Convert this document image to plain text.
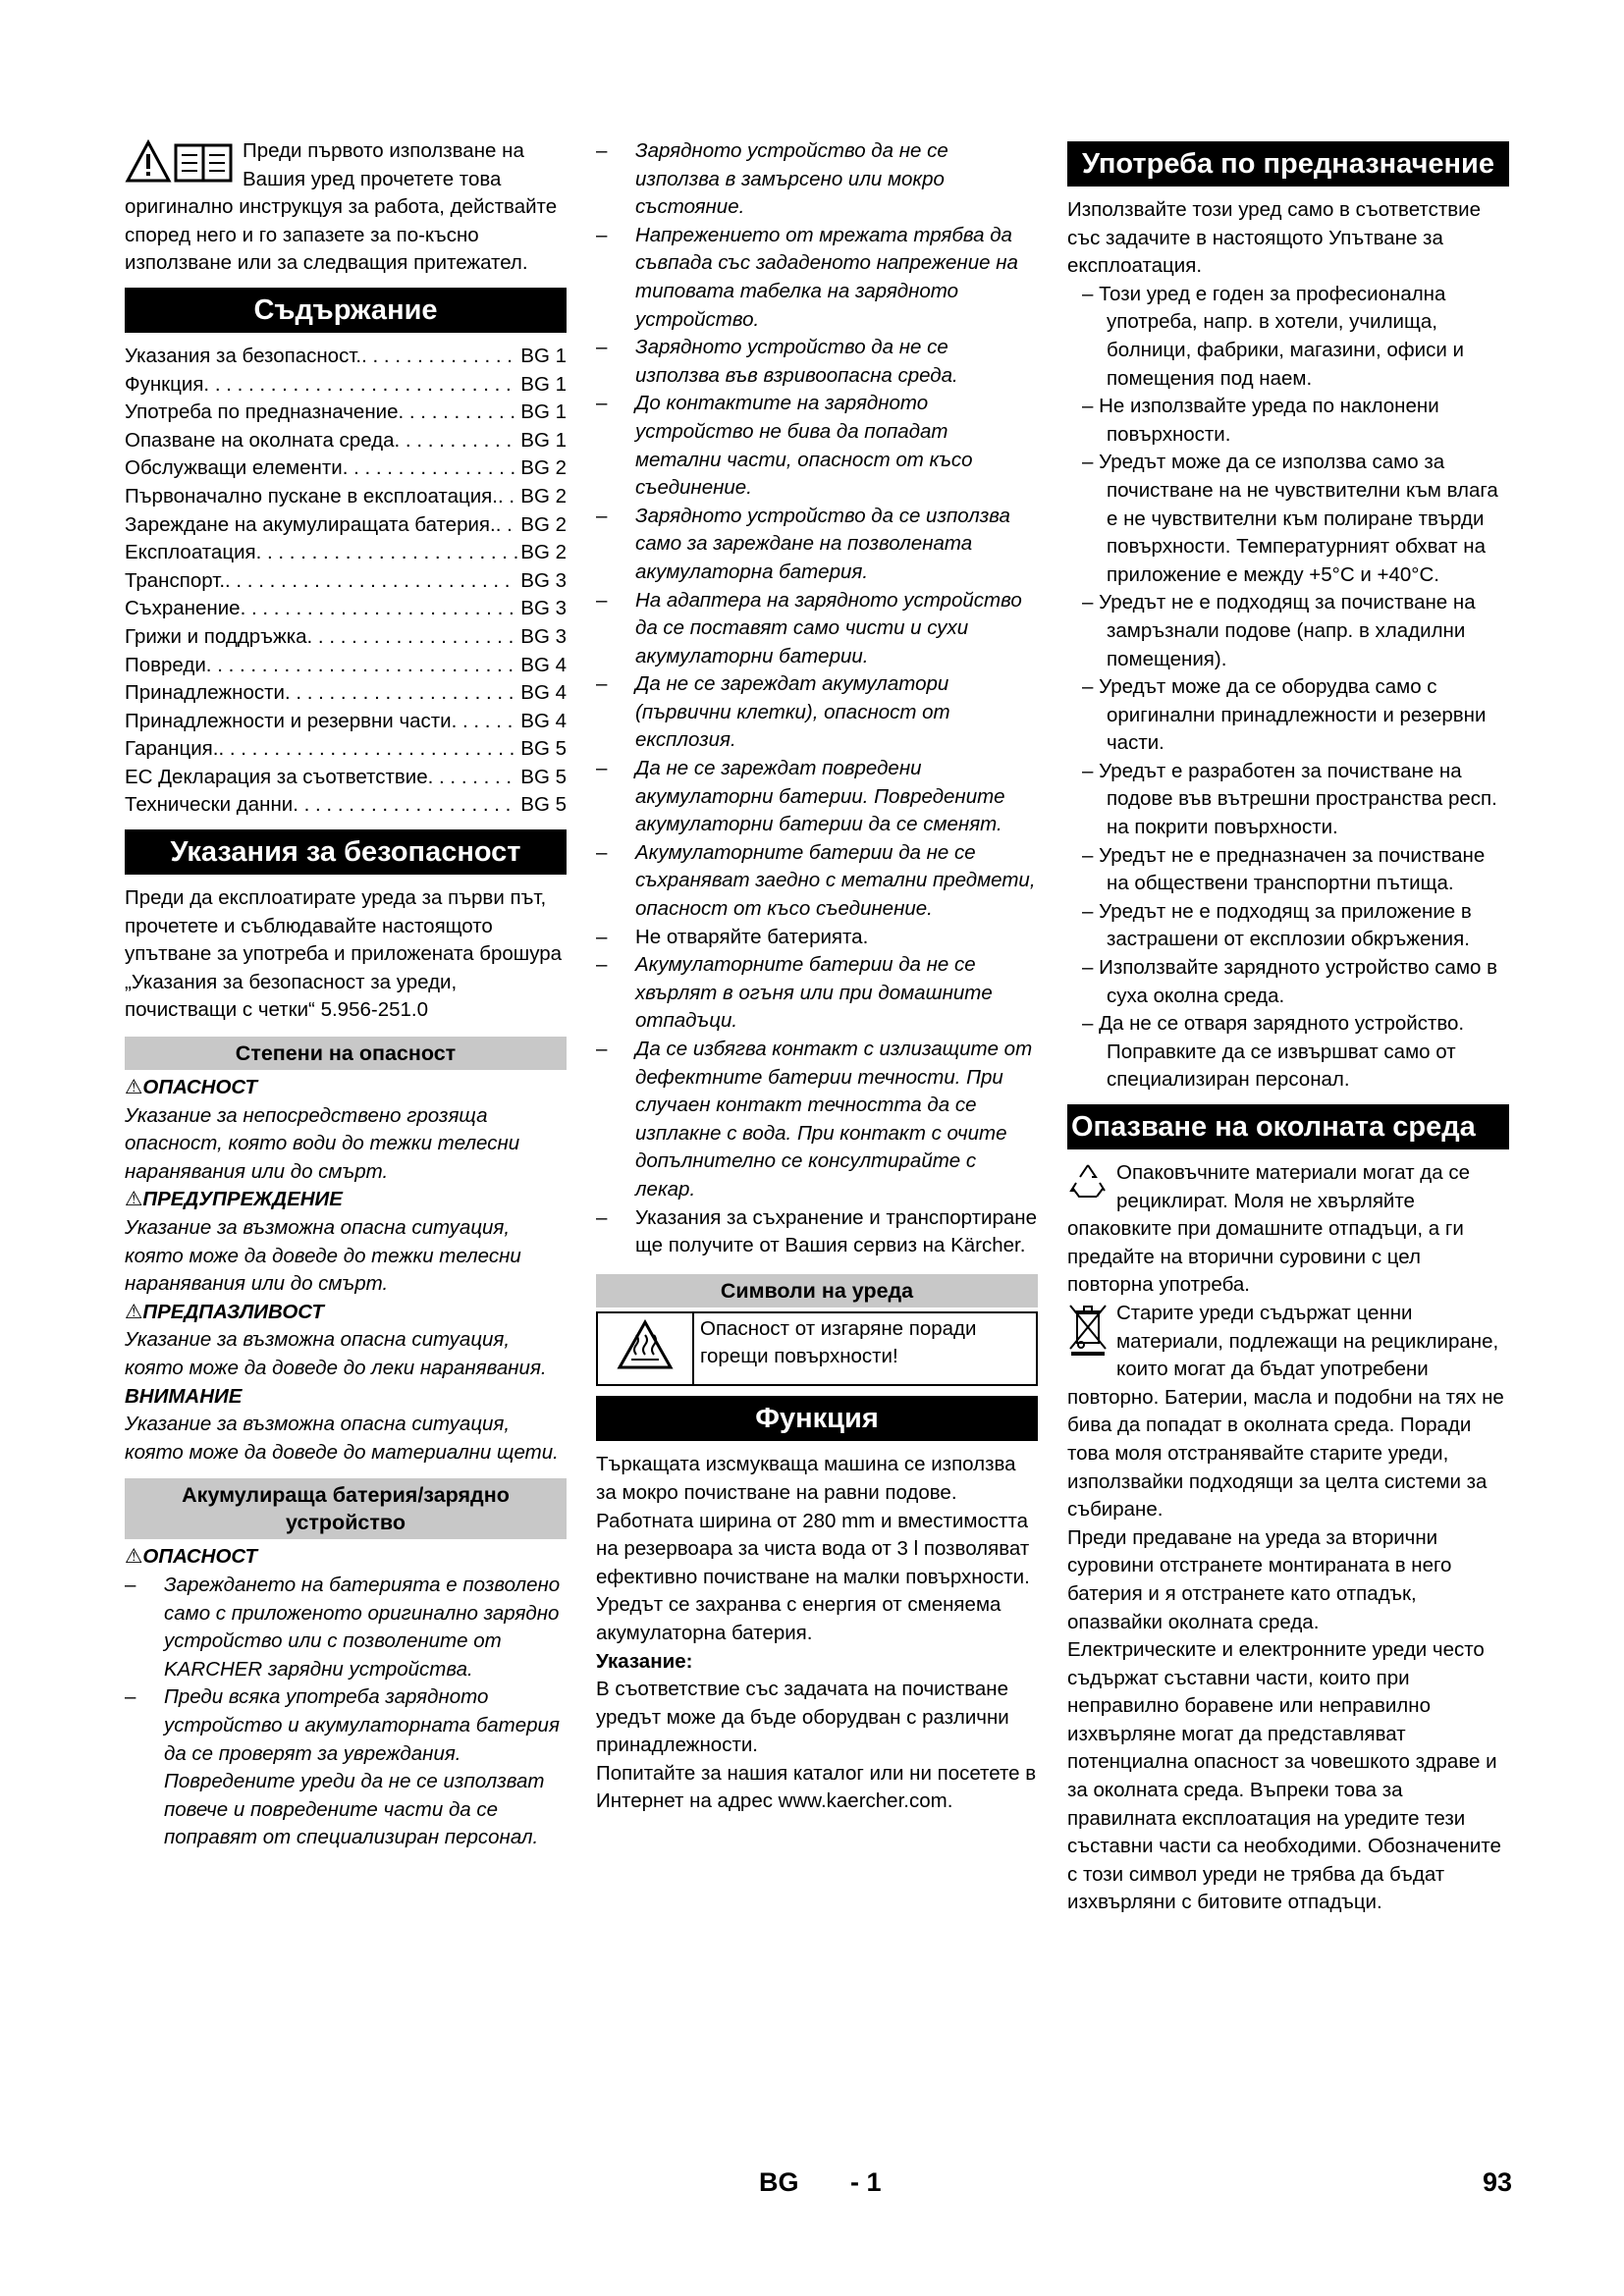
Преди първото използване на Вашия уред прочетете това оригинално инструкцуя за работа, действайте според него и го запазете за по-късно използване или за следващия притежател.

Съдържание
Указания за безопасност. . . .	BG 1
Функция . . .	BG 1
Употреба по предназначение . . .	BG 1
Опазване на околната среда . . .	BG 1
Обслужващи елементи . . .	BG 2
Първоначално пускане в експлоатация. . . . BG 2
Зареждане на акумулиращата батерия. . . . BG 2
Експлоатация . . .	BG 2
Транспорт. . . .	BG 3
Съхранение . . .	BG 3
Грижи и поддръжка . . .	BG 3
Повреди . . .	BG 4
Принадлежности . . .	BG 4
Принадлежности и резервни части . . .	BG 4
Гаранция. . . .	BG 5
ЕС Декларация за съответствие . . .	BG 5
Технически данни . . .	BG 5
Указания за безопасност

Преди да експлоатирате уреда за първи път, прочетете и съблюдавайте настоящото упътване за употреба и приложената брошура „Указания за безопасност за уреди, почистващи с четки“ 5.956-251.0

Степени на опасност
⚠ОПАСНОСТ

Указание за непосредствено грозяща опасност, която води до тежки телесни наранявания или до смърт.

⚠ПРЕДУПРЕЖДЕНИЕ

Указание за възможна опасна ситуация, която може да доведе до тежки телесни наранявания или до смърт.

⚠ПРЕДПАЗЛИВОСТ

Указание за възможна опасна ситуация, която може да доведе до леки наранявания.

ВНИМАНИЕ

Указание за възможна опасна ситуация, която може да доведе до материални щети.

Акумулираща батерия/зарядно устройство
⚠ОПАСНОСТ
– Зареждането на батерията е позволено само с приложеното оригинално зарядно устройство или с позволените от KARCHER зарядни устройства.
– Преди всяка употреба зарядното устройство и акумулаторната батерия да се проверят за увреждания. Повредените уреди да не се използват повече и повредените части да се поправят от специализиран персонал.
– Зарядното устройство да не се използва в замърсено или мокро състояние.
– Напрежението от мрежата трябва да съвпада със зададеното напрежение на типовата табелка на зарядното устройство.
– Зарядното устройство да не се използва във взривоопасна среда.
– До контактите на зарядното устройство не бива да попадат метални части, опасност от късо съединение.
– Зарядното устройство да се използва само за зареждане на позволената акумулаторна батерия.
– На адаптера на зарядното устройство да се поставят само чисти и сухи акумулаторни батерии.
– Да не се зареждат акумулатори (първични клетки), опасност от експлозия.
– Да не се зареждат повредени акумулаторни батерии. Повредените акумулаторни батерии да се сменят.
– Акумулаторните батерии да не се съхраняват заедно с метални предмети, опасност от късо съединение.
– Не отваряйте батерията.
– Акумулаторните батерии да не се хвърлят в огъня или при домашните отпадъци.
– Да се избягва контакт с излизащите от дефектните батерии течности. При случаен контакт течността да се изплакне с вода. При контакт с очите допълнително се консултирайте с лекар.
– Указания за съхранение и транспортиране ще получите от Вашия сервиз на Kärcher.
Символи на уреда
Опасност от изгаряне поради горещи повърхности!
Функция

Търкащата изсмукваща машина се използва за мокро почистване на равни подове.

Работната ширина от 280 mm и вместимостта на резервоара за чиста вода от 3 l позволяват ефективно почистване на малки повърхности.

Уредът се захранва с енергия от сменяема акумулаторна батерия.

Указание:

В съответствие със задачата на почистване уредът може да бъде оборудван с различни принадлежности.

Попитайте за нашия каталог или ни посетете в Интернет на адрес www.kaercher.com.

Употреба по предназначение

Използвайте този уред само в съответствие със задачите в настоящото Упътване за експлоатация.

– Този уред е годен за професионална употреба, напр. в хотели, училища, болници, фабрики, магазини, офиси и помещения под наем.
– Не използвайте уреда по наклонени повърхности.
– Уредът може да се използва само за почистване на не чувствителни към влага е не чувствителни към полиране твърди повърхности. Температурният обхват на приложение е между +5°C и +40°C.
– Уредът не е подходящ за почистване на замръзнали подове (напр. в хладилни помещения).
– Уредът може да се оборудва само с оригинални принадлежности и резервни части.
– Уредът е разработен за почистване на подове във вътрешни пространства респ. на покрити повърхности.
– Уредът не е предназначен за почистване на обществени транспортни пътища.
– Уредът не е подходящ за приложение в застрашени от експлозии обкръжения.
– Използвайте зарядното устройство само в суха околна среда.
– Да не се отваря зарядното устройство. Поправките да се извършват само от специализиран персонал.
Опазване на околната среда

Опаковъчните материали могат да се рециклират. Моля не хвърляйте опаковките при домашните отпадъци, а ги предайте на вторични суровини с цел повторна употреба.

Старите уреди съдържат ценни материали, подлежащи на рециклиране, които могат да бъдат употребени повторно. Батерии, масла и подобни на тях не бива да попадат в околната среда. Поради това моля отстранявайте старите уреди, използвайки подходящи за целта системи за събиране.

Преди предаване на уреда за вторични суровини отстранете монтираната в него батерия и я отстранете като отпадък, опазвайки околната среда.

Електрическите и електронните уреди често съдържат съставни части, които при неправилно боравене или неправилно изхвърляне могат да представляват потенциална опасност за човешкото здраве и за околната среда. Въпреки това за правилната експлоатация на уредите тези съставни части са необходими. Обозначените с този символ уреди не трябва да бъдат изхвърляни с битовите отпадъци.

BG - 1	93
